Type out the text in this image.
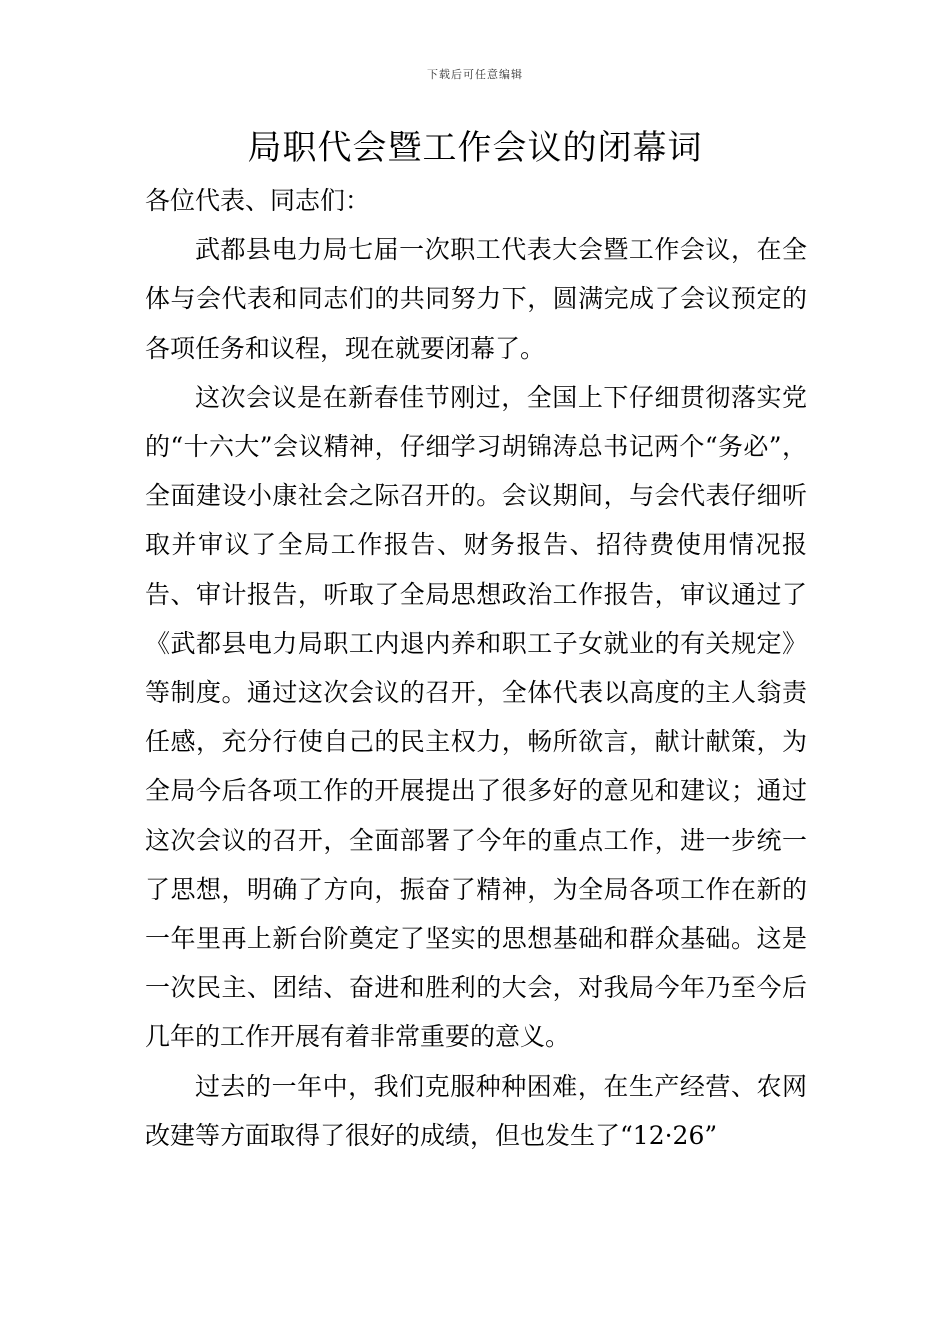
下载后可任意编辑
局职代会暨工作会议的闭幕词

各位代表、同志们：

武都县电力局七届一次职工代表大会暨工作会议，在全体与会代表和同志们的共同努力下，圆满完成了会议预定的各项任务和议程，现在就要闭幕了。

这次会议是在新春佳节刚过，全国上下仔细贯彻落实党的“十六大”会议精神，仔细学习胡锦涛总书记两个“务必”，全面建设小康社会之际召开的。会议期间，与会代表仔细听取并审议了全局工作报告、财务报告、招待费使用情况报告、审计报告，听取了全局思想政治工作报告，审议通过了《武都县电力局职工内退内养和职工子女就业的有关规定》等制度。通过这次会议的召开，全体代表以高度的主人翁责任感，充分行使自己的民主权力，畅所欲言，献计献策，为全局今后各项工作的开展提出了很多好的意见和建议；通过这次会议的召开，全面部署了今年的重点工作，进一步统一了思想，明确了方向，振奋了精神，为全局各项工作在新的一年里再上新台阶奠定了坚实的思想基础和群众基础。这是一次民主、团结、奋进和胜利的大会，对我局今年乃至今后几年的工作开展有着非常重要的意义。

过去的一年中，我们克服种种困难，在生产经营、农网改建等方面取得了很好的成绩，但也发生了“12·26”
